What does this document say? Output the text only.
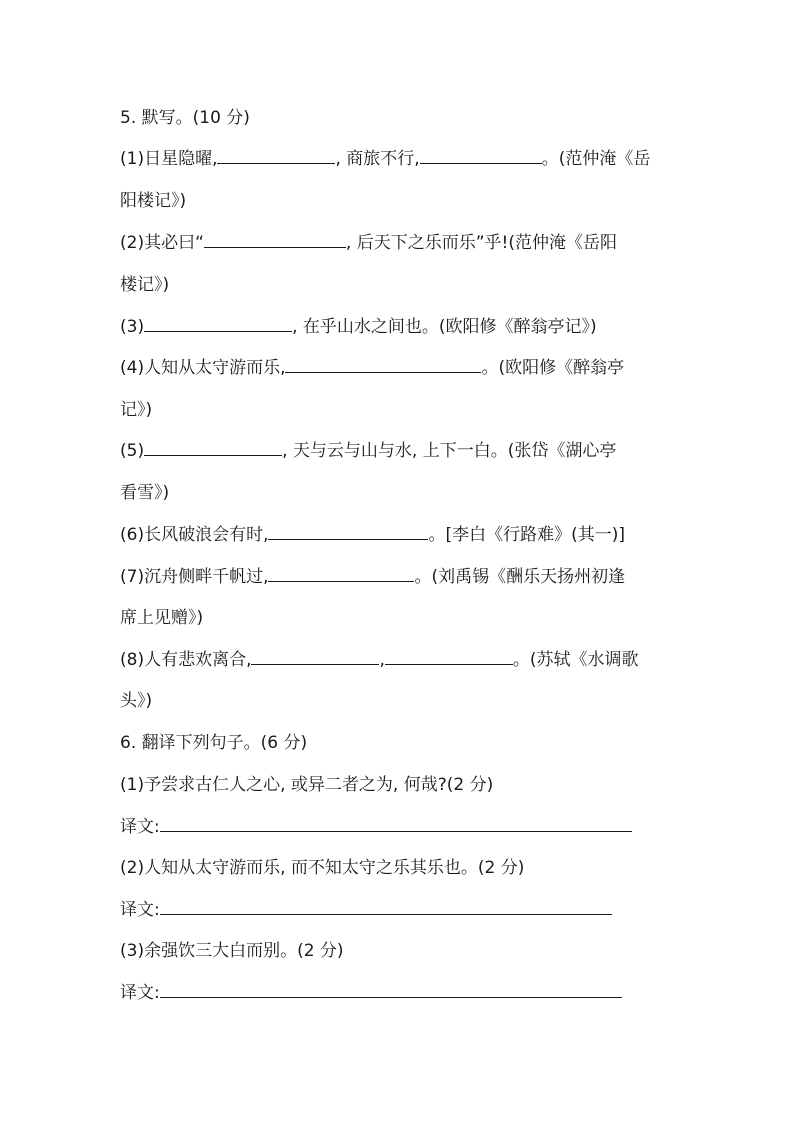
5. 默写。(10 分)
(1)日星隐曜,	, 商旅不行,	。(范仲淹《岳
阳楼记》)
(2)其必曰“	, 后天下之乐而乐”乎!(范仲淹《岳阳
楼记》)
(3)	, 在乎山水之间也。(欧阳修《醉翁亭记》)
(4)人知从太守游而乐,	。(欧阳修《醉翁亭
记》)
(5)	, 天与云与山与水, 上下一白。(张岱《湖心亭
看雪》)
(6)长风破浪会有时,	。[李白《行路难》(其一)]
(7)沉舟侧畔千帆过,	。(刘禹锡《酬乐天扬州初逢
席上见赠》)
(8)人有悲欢离合,	,	。(苏轼《水调歌
头》)
6. 翻译下列句子。(6 分)
(1)予尝求古仁人之心, 或异二者之为, 何哉?(2 分)
译文:
(2)人知从太守游而乐, 而不知太守之乐其乐也。(2 分)
译文:
(3)余强饮三大白而别。(2 分)
译文:
